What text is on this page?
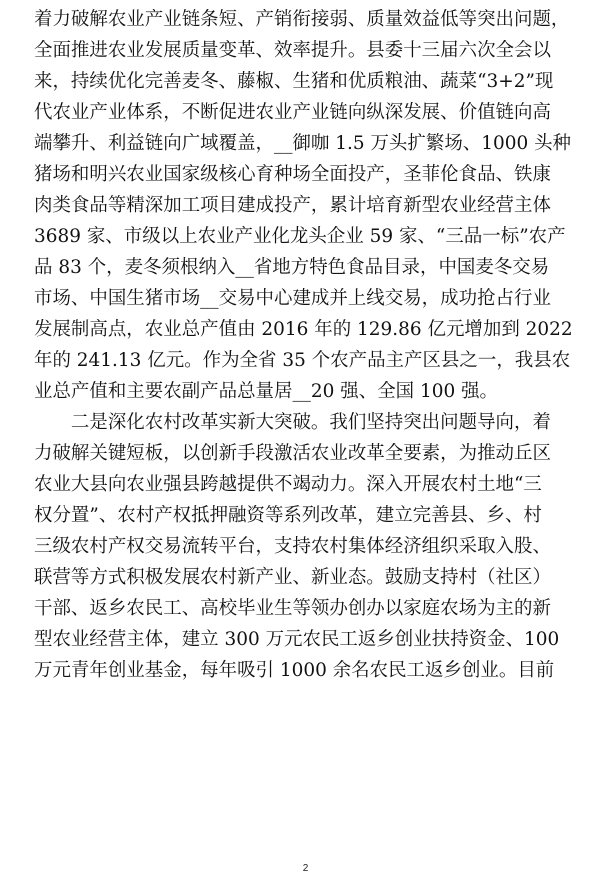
着力破解农业产业链条短、产销衔接弱、质量效益低等突出问题，
全面推进农业发展质量变革、效率提升。县委十三届六次全会以
来，持续优化完善麦冬、藤椒、生猪和优质粮油、蔬菜“3+2”现
代农业产业体系，不断促进农业产业链向纵深发展、价值链向高
端攀升、利益链向广域覆盖，__御咖 1.5 万头扩繁场、1000 头种
猪场和明兴农业国家级核心育种场全面投产，圣菲伦食品、铁康
肉类食品等精深加工项目建成投产，累计培育新型农业经营主体
3689 家、市级以上农业产业化龙头企业 59 家、“三品一标”农产
品 83 个，麦冬须根纳入__省地方特色食品目录，中国麦冬交易
市场、中国生猪市场__交易中心建成并上线交易，成功抢占行业
发展制高点，农业总产值由 2016 年的 129.86 亿元增加到 2022
年的 241.13 亿元。作为全省 35 个农产品主产区县之一，我县农
业总产值和主要农副产品总量居__20 强、全国 100 强。
　　二是深化农村改革实新大突破。我们坚持突出问题导向，着
力破解关键短板，以创新手段激活农业改革全要素，为推动丘区
农业大县向农业强县跨越提供不竭动力。深入开展农村土地“三
权分置”、农村产权抵押融资等系列改革，建立完善县、乡、村
三级农村产权交易流转平台，支持农村集体经济组织采取入股、
联营等方式积极发展农村新产业、新业态。鼓励支持村（社区）
干部、返乡农民工、高校毕业生等领办创办以家庭农场为主的新
型农业经营主体，建立 300 万元农民工返乡创业扶持资金、100
万元青年创业基金，每年吸引 1000 余名农民工返乡创业。目前
2
